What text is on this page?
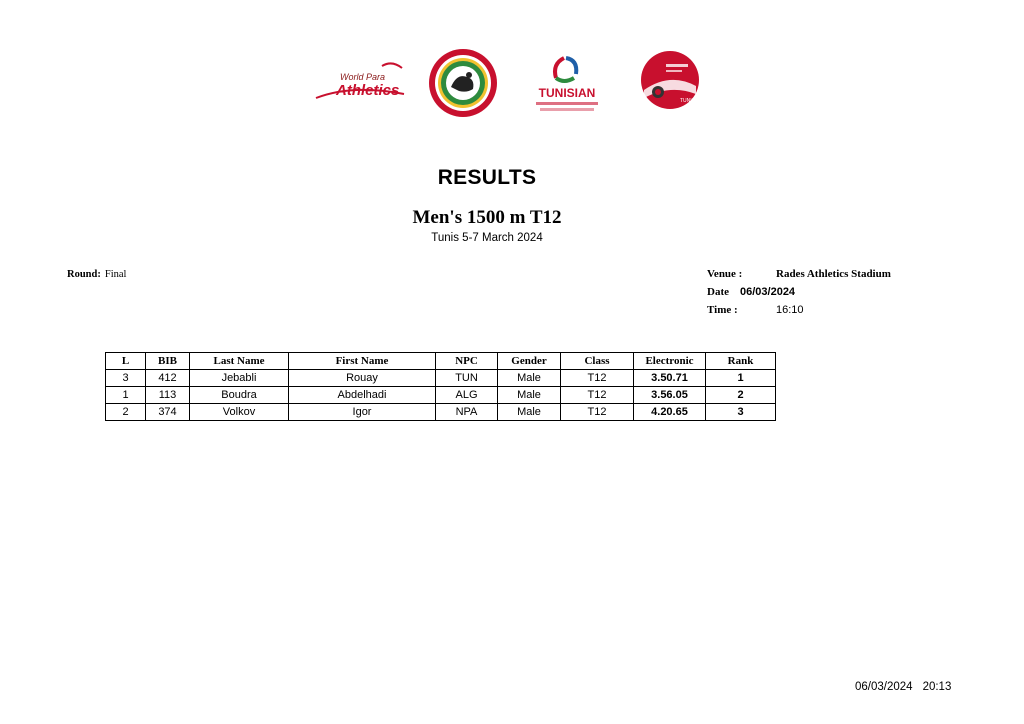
World Para
Athletics	TUNISIAN
TUNIS
RESULTS
Men's 1500 m T12
Tunis 5-7 March 2024
Round: Final	Venue :	Rades Athletics Stadium
Date 06/03/2024
Time :	16:10
L	BIB	Last Name	First Name	NPC	Gender	Class	Electronic	Rank
3	412	Jebabli	Rouay	TUN	Male	T12	3.50.71	1
1	113	Boudra	Abdelhadi	ALG	Male	T12	3.56.05	2
2	374	Volkov	Igor	NPA	Male	T12	4.20.65	3
06/03/2024 20:13
